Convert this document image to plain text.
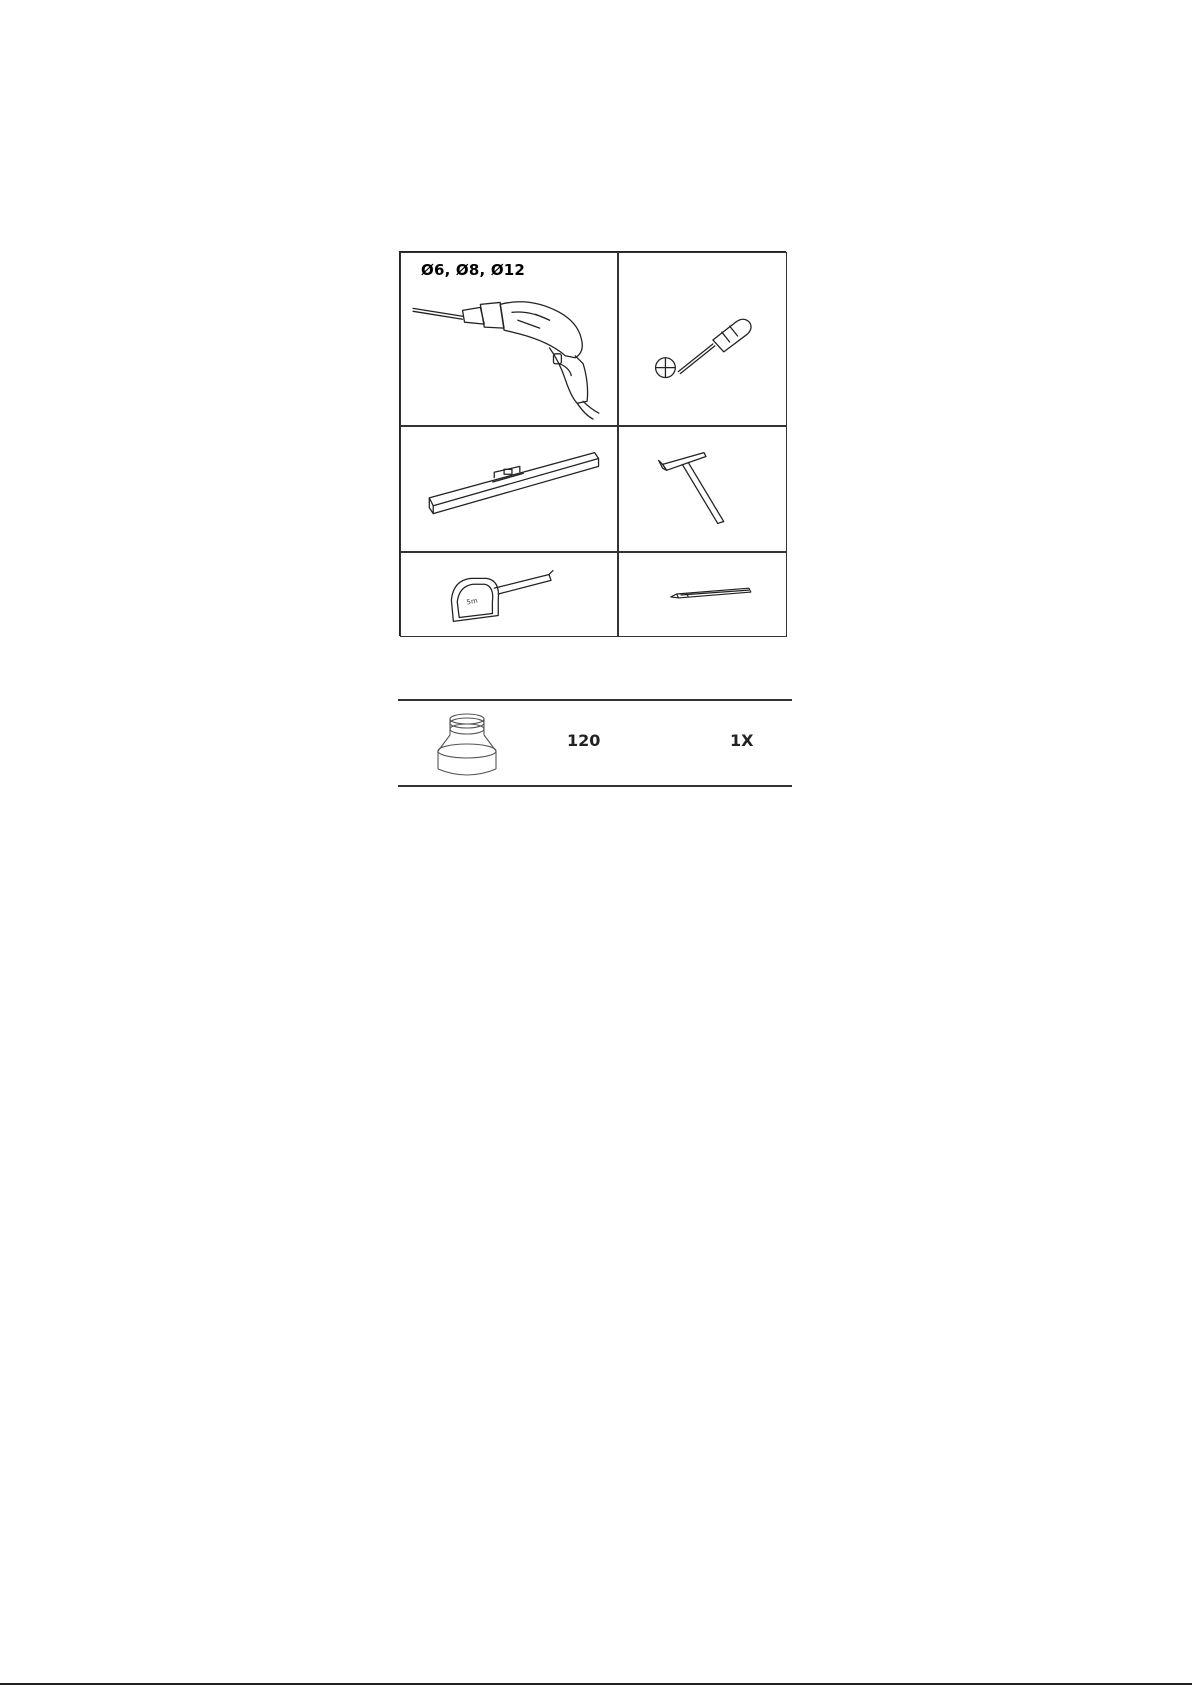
Ø6, Ø8, Ø12
5m
120	1X
